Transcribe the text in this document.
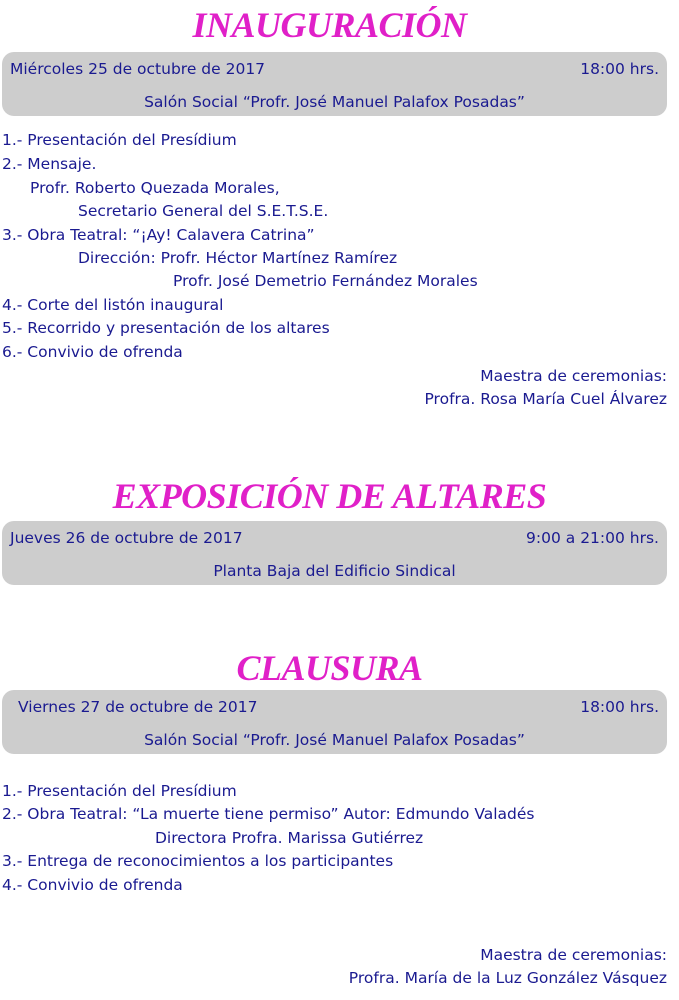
INAUGURACIÓN
Miércoles 25 de octubre de 2017	18:00 hrs.
Salón Social “Profr. José Manuel Palafox Posadas”
1.- Presentación del Presídium
2.- Mensaje.
Profr. Roberto Quezada Morales,
Secretario General del S.E.T.S.E.
3.- Obra Teatral: “¡Ay! Calavera Catrina”
Dirección: Profr. Héctor Martínez Ramírez
Profr. José Demetrio Fernández Morales
4.- Corte del listón inaugural
5.- Recorrido y presentación de los altares
6.- Convivio de ofrenda
Maestra de ceremonias:
Profra. Rosa María Cuel Álvarez
EXPOSICIÓN DE ALTARES
Jueves 26 de octubre de 2017	9:00 a 21:00 hrs.
Planta Baja del Edificio Sindical
CLAUSURA
Viernes 27 de octubre de 2017	18:00 hrs.
Salón Social “Profr. José Manuel Palafox Posadas”
1.- Presentación del Presídium
2.- Obra Teatral: “La muerte tiene permiso” Autor: Edmundo Valadés
Directora Profra. Marissa Gutiérrez
3.- Entrega de reconocimientos a los participantes
4.- Convivio de ofrenda
Maestra de ceremonias:
Profra. María de la Luz González Vásquez
